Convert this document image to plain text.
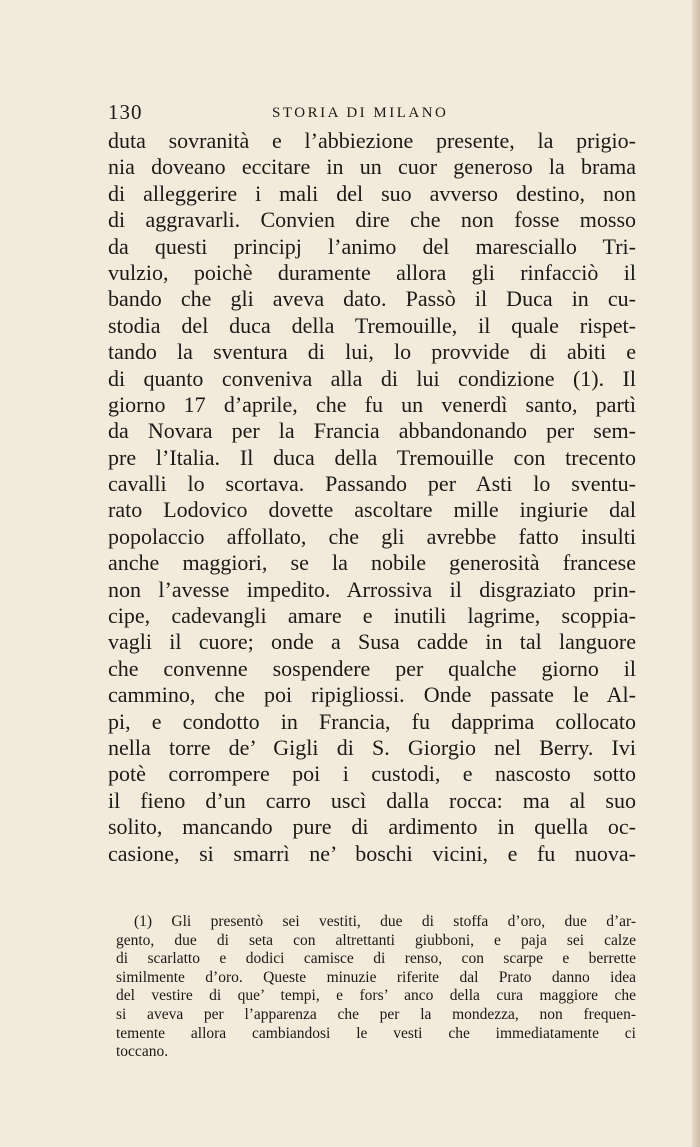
130	STORIA DI MILANO
duta sovranità e l’abbiezione presente, la prigio-
nia doveano eccitare in un cuor generoso la brama
di alleggerire i mali del suo avverso destino, non
di aggravarli. Convien dire che non fosse mosso
da questi principj l’animo del maresciallo Tri-
vulzio, poichè duramente allora gli rinfacciò il
bando che gli aveva dato. Passò il Duca in cu-
stodia del duca della Tremouille, il quale rispet-
tando la sventura di lui, lo provvide di abiti e
di quanto conveniva alla di lui condizione (1). Il
giorno 17 d’aprile, che fu un venerdì santo, partì
da Novara per la Francia abbandonando per sem-
pre l’Italia. Il duca della Tremouille con trecento
cavalli lo scortava. Passando per Asti lo sventu-
rato Lodovico dovette ascoltare mille ingiurie dal
popolaccio affollato, che gli avrebbe fatto insulti
anche maggiori, se la nobile generosità francese
non l’avesse impedito. Arrossiva il disgraziato prin-
cipe, cadevangli amare e inutili lagrime, scoppia-
vagli il cuore; onde a Susa cadde in tal languore
che convenne sospendere per qualche giorno il
cammino, che poi ripigliossi. Onde passate le Al-
pi, e condotto in Francia, fu dapprima collocato
nella torre de’ Gigli di S. Giorgio nel Berry. Ivi
potè corrompere poi i custodi, e nascosto sotto
il fieno d’un carro uscì dalla rocca: ma al suo
solito, mancando pure di ardimento in quella oc-
casione, si smarrì ne’ boschi vicini, e fu nuova-
(1) Gli presentò sei vestiti, due di stoffa d’oro, due d’ar-
gento, due di seta con altrettanti giubboni, e paja sei calze
di scarlatto e dodici camisce di renso, con scarpe e berrette
similmente d’oro. Queste minuzie riferite dal Prato danno idea
del vestire di que’ tempi, e fors’ anco della cura maggiore che
si aveva per l’apparenza che per la mondezza, non frequen-
temente allora cambiandosi le vesti che immediatamente ci
toccano.
